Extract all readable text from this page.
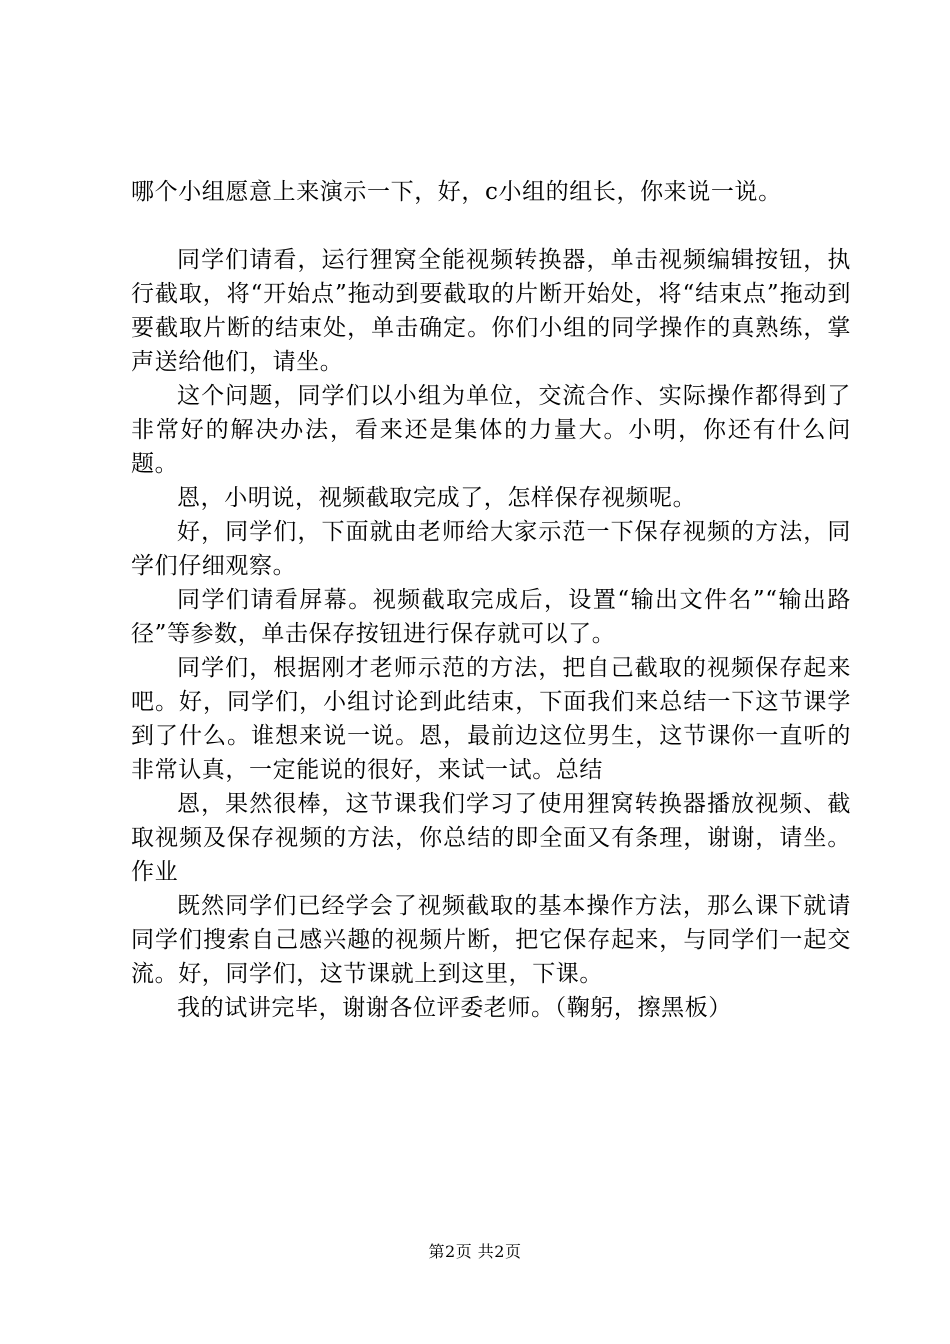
哪个小组愿意上来演示一下，好，c小组的组长，你来说一说。

同学们请看，运行狸窝全能视频转换器，单击视频编辑按钮，执行截取，将“开始点”拖动到要截取的片断开始处，将“结束点”拖动到要截取片断的结束处，单击确定。你们小组的同学操作的真熟练，掌声送给他们，请坐。

这个问题，同学们以小组为单位，交流合作、实际操作都得到了非常好的解决办法，看来还是集体的力量大。小明，你还有什么问题。

恩，小明说，视频截取完成了，怎样保存视频呢。

好，同学们，下面就由老师给大家示范一下保存视频的方法，同学们仔细观察。

同学们请看屏幕。视频截取完成后，设置“输出文件名”“输出路径”等参数，单击保存按钮进行保存就可以了。

同学们，根据刚才老师示范的方法，把自己截取的视频保存起来吧。好，同学们，小组讨论到此结束，下面我们来总结一下这节课学到了什么。谁想来说一说。恩，最前边这位男生，这节课你一直听的非常认真，一定能说的很好，来试一试。总结

恩，果然很棒，这节课我们学习了使用狸窝转换器播放视频、截取视频及保存视频的方法，你总结的即全面又有条理，谢谢，请坐。作业

既然同学们已经学会了视频截取的基本操作方法，那么课下就请同学们搜索自己感兴趣的视频片断，把它保存起来，与同学们一起交流。好，同学们，这节课就上到这里，下课。

我的试讲完毕，谢谢各位评委老师。（鞠躬，擦黑板）

第2页 共2页
